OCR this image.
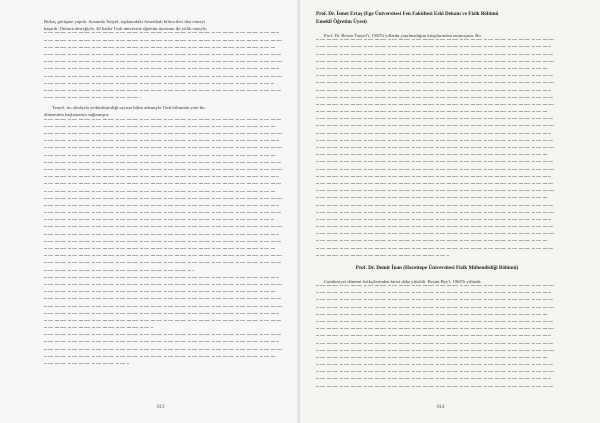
Birkaç görüşme yaptık. Sonunda Tanyel, toplantıdaki Amerikalı bilimcileri ilna etmeyi
başardı. Onların desteğiyle, 40 kadar Türk üniversite öğretim üyesinin iki yıllık süreyle,
Tanyel, bu okuluyla yetkinleştirdiği sayısız bilim adamıyla Türk biliminin yeni bir
döneminin başlamasını sağlamıştır.
613
Prof. Dr. İsmet Ertaş (Ege Üniversitesi Fen Fakültesi Eski Dekanı ve Fizik Bölümü
Emekli Öğretim Üyesi)
Prof. Dr. Besim Tanyel'i, 1950'li yıllarda yanılmadığım kitaplarından tanımıştım. Bu
Prof. Dr. Demir İnan (Hacettepe Üniversitesi Fizik Mühendisliği Bölümü)
Cumhuriyet dönemi fizikçilerinden birisi daha yitirildi. Besim Bey'i, 1960'lı yıllarda
614
